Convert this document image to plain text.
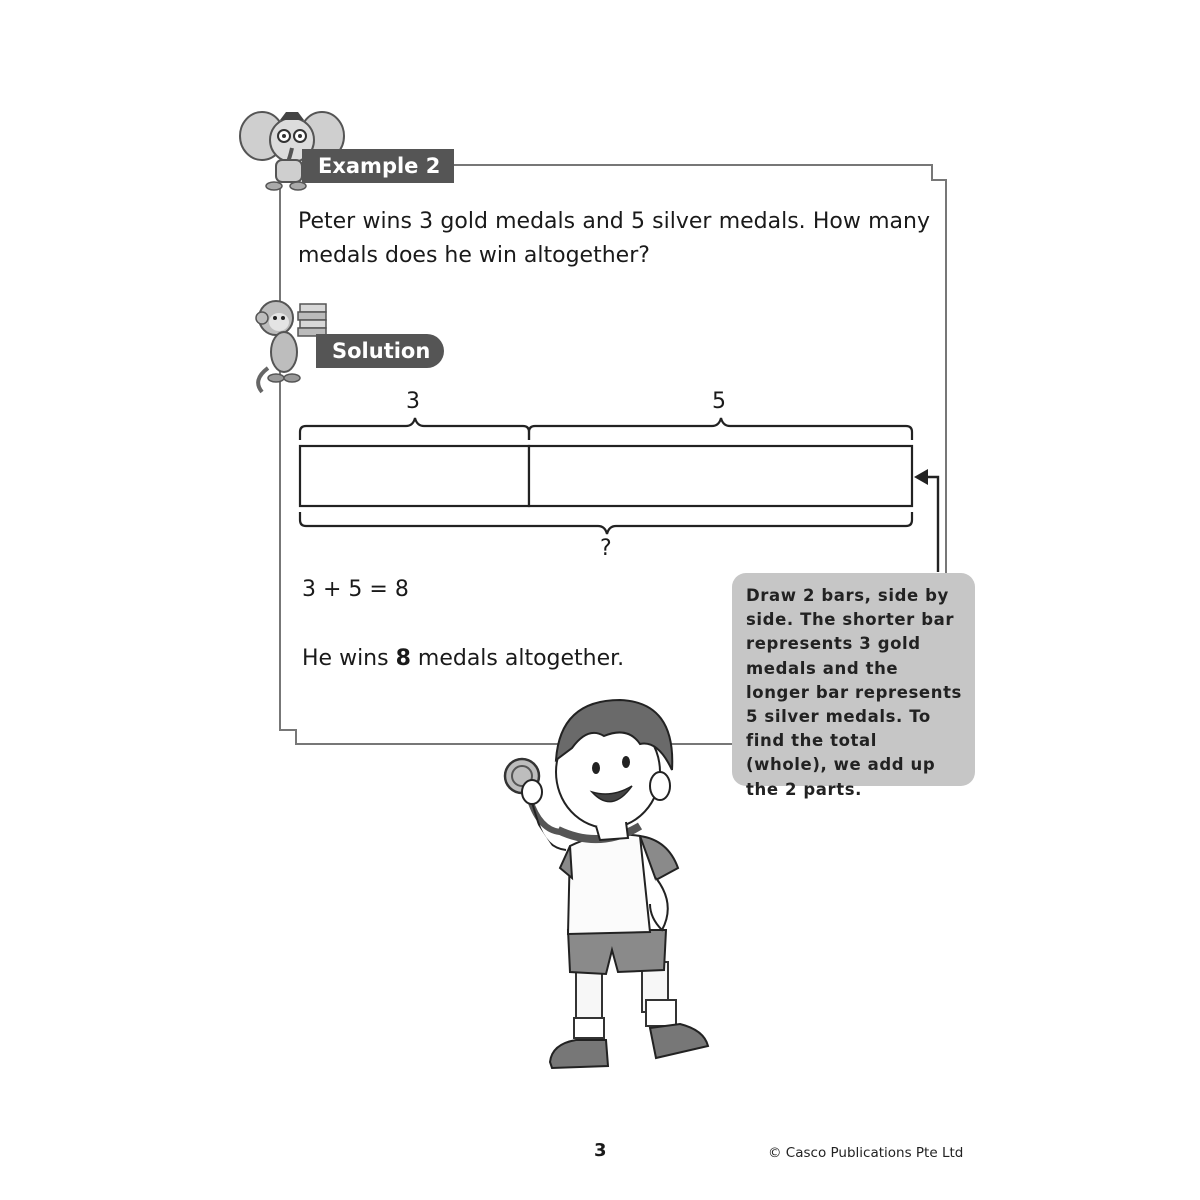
Example 2
Peter wins 3 gold medals and 5 silver medals. How many medals does he win altogether?
Solution
3	5
?
3 + 5 = 8
He wins 8 medals altogether.
Draw 2 bars, side by side. The shorter bar represents 3 gold medals and the longer bar represents 5 silver medals. To find the total (whole), we add up the 2 parts.
3	© Casco Publications Pte Ltd
